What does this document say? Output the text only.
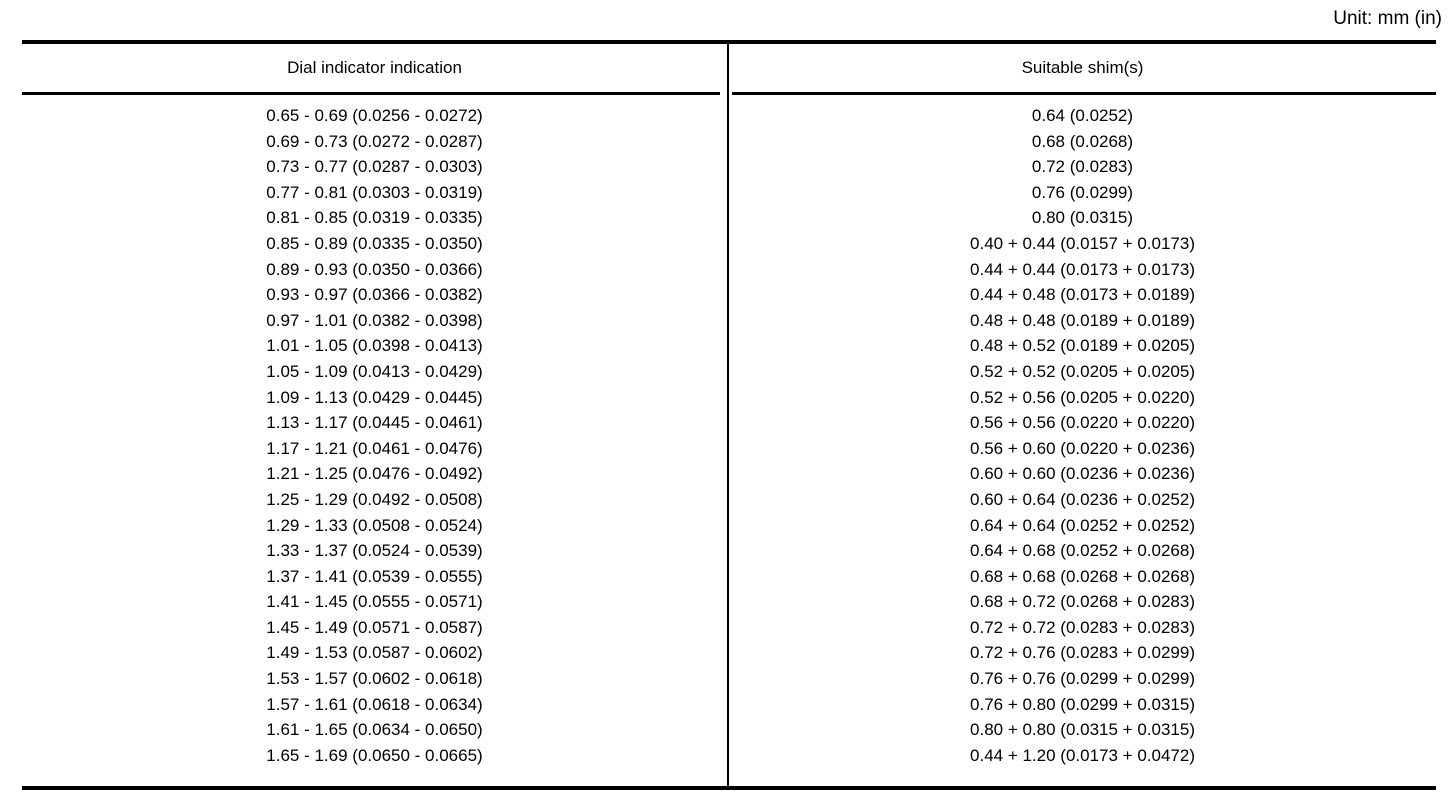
Unit: mm (in)
Dial indicator indication	Suitable shim(s)
0.65 - 0.69 (0.0256 - 0.0272)
0.69 - 0.73 (0.0272 - 0.0287)
0.73 - 0.77 (0.0287 - 0.0303)
0.77 - 0.81 (0.0303 - 0.0319)
0.81 - 0.85 (0.0319 - 0.0335)
0.85 - 0.89 (0.0335 - 0.0350)
0.89 - 0.93 (0.0350 - 0.0366)
0.93 - 0.97 (0.0366 - 0.0382)
0.97 - 1.01 (0.0382 - 0.0398)
1.01 - 1.05 (0.0398 - 0.0413)
1.05 - 1.09 (0.0413 - 0.0429)
1.09 - 1.13 (0.0429 - 0.0445)
1.13 - 1.17 (0.0445 - 0.0461)
1.17 - 1.21 (0.0461 - 0.0476)
1.21 - 1.25 (0.0476 - 0.0492)
1.25 - 1.29 (0.0492 - 0.0508)
1.29 - 1.33 (0.0508 - 0.0524)
1.33 - 1.37 (0.0524 - 0.0539)
1.37 - 1.41 (0.0539 - 0.0555)
1.41 - 1.45 (0.0555 - 0.0571)
1.45 - 1.49 (0.0571 - 0.0587)
1.49 - 1.53 (0.0587 - 0.0602)
1.53 - 1.57 (0.0602 - 0.0618)
1.57 - 1.61 (0.0618 - 0.0634)
1.61 - 1.65 (0.0634 - 0.0650)
1.65 - 1.69 (0.0650 - 0.0665)
0.64 (0.0252)
0.68 (0.0268)
0.72 (0.0283)
0.76 (0.0299)
0.80 (0.0315)
0.40 + 0.44 (0.0157 + 0.0173)
0.44 + 0.44 (0.0173 + 0.0173)
0.44 + 0.48 (0.0173 + 0.0189)
0.48 + 0.48 (0.0189 + 0.0189)
0.48 + 0.52 (0.0189 + 0.0205)
0.52 + 0.52 (0.0205 + 0.0205)
0.52 + 0.56 (0.0205 + 0.0220)
0.56 + 0.56 (0.0220 + 0.0220)
0.56 + 0.60 (0.0220 + 0.0236)
0.60 + 0.60 (0.0236 + 0.0236)
0.60 + 0.64 (0.0236 + 0.0252)
0.64 + 0.64 (0.0252 + 0.0252)
0.64 + 0.68 (0.0252 + 0.0268)
0.68 + 0.68 (0.0268 + 0.0268)
0.68 + 0.72 (0.0268 + 0.0283)
0.72 + 0.72 (0.0283 + 0.0283)
0.72 + 0.76 (0.0283 + 0.0299)
0.76 + 0.76 (0.0299 + 0.0299)
0.76 + 0.80 (0.0299 + 0.0315)
0.80 + 0.80 (0.0315 + 0.0315)
0.44 + 1.20 (0.0173 + 0.0472)
